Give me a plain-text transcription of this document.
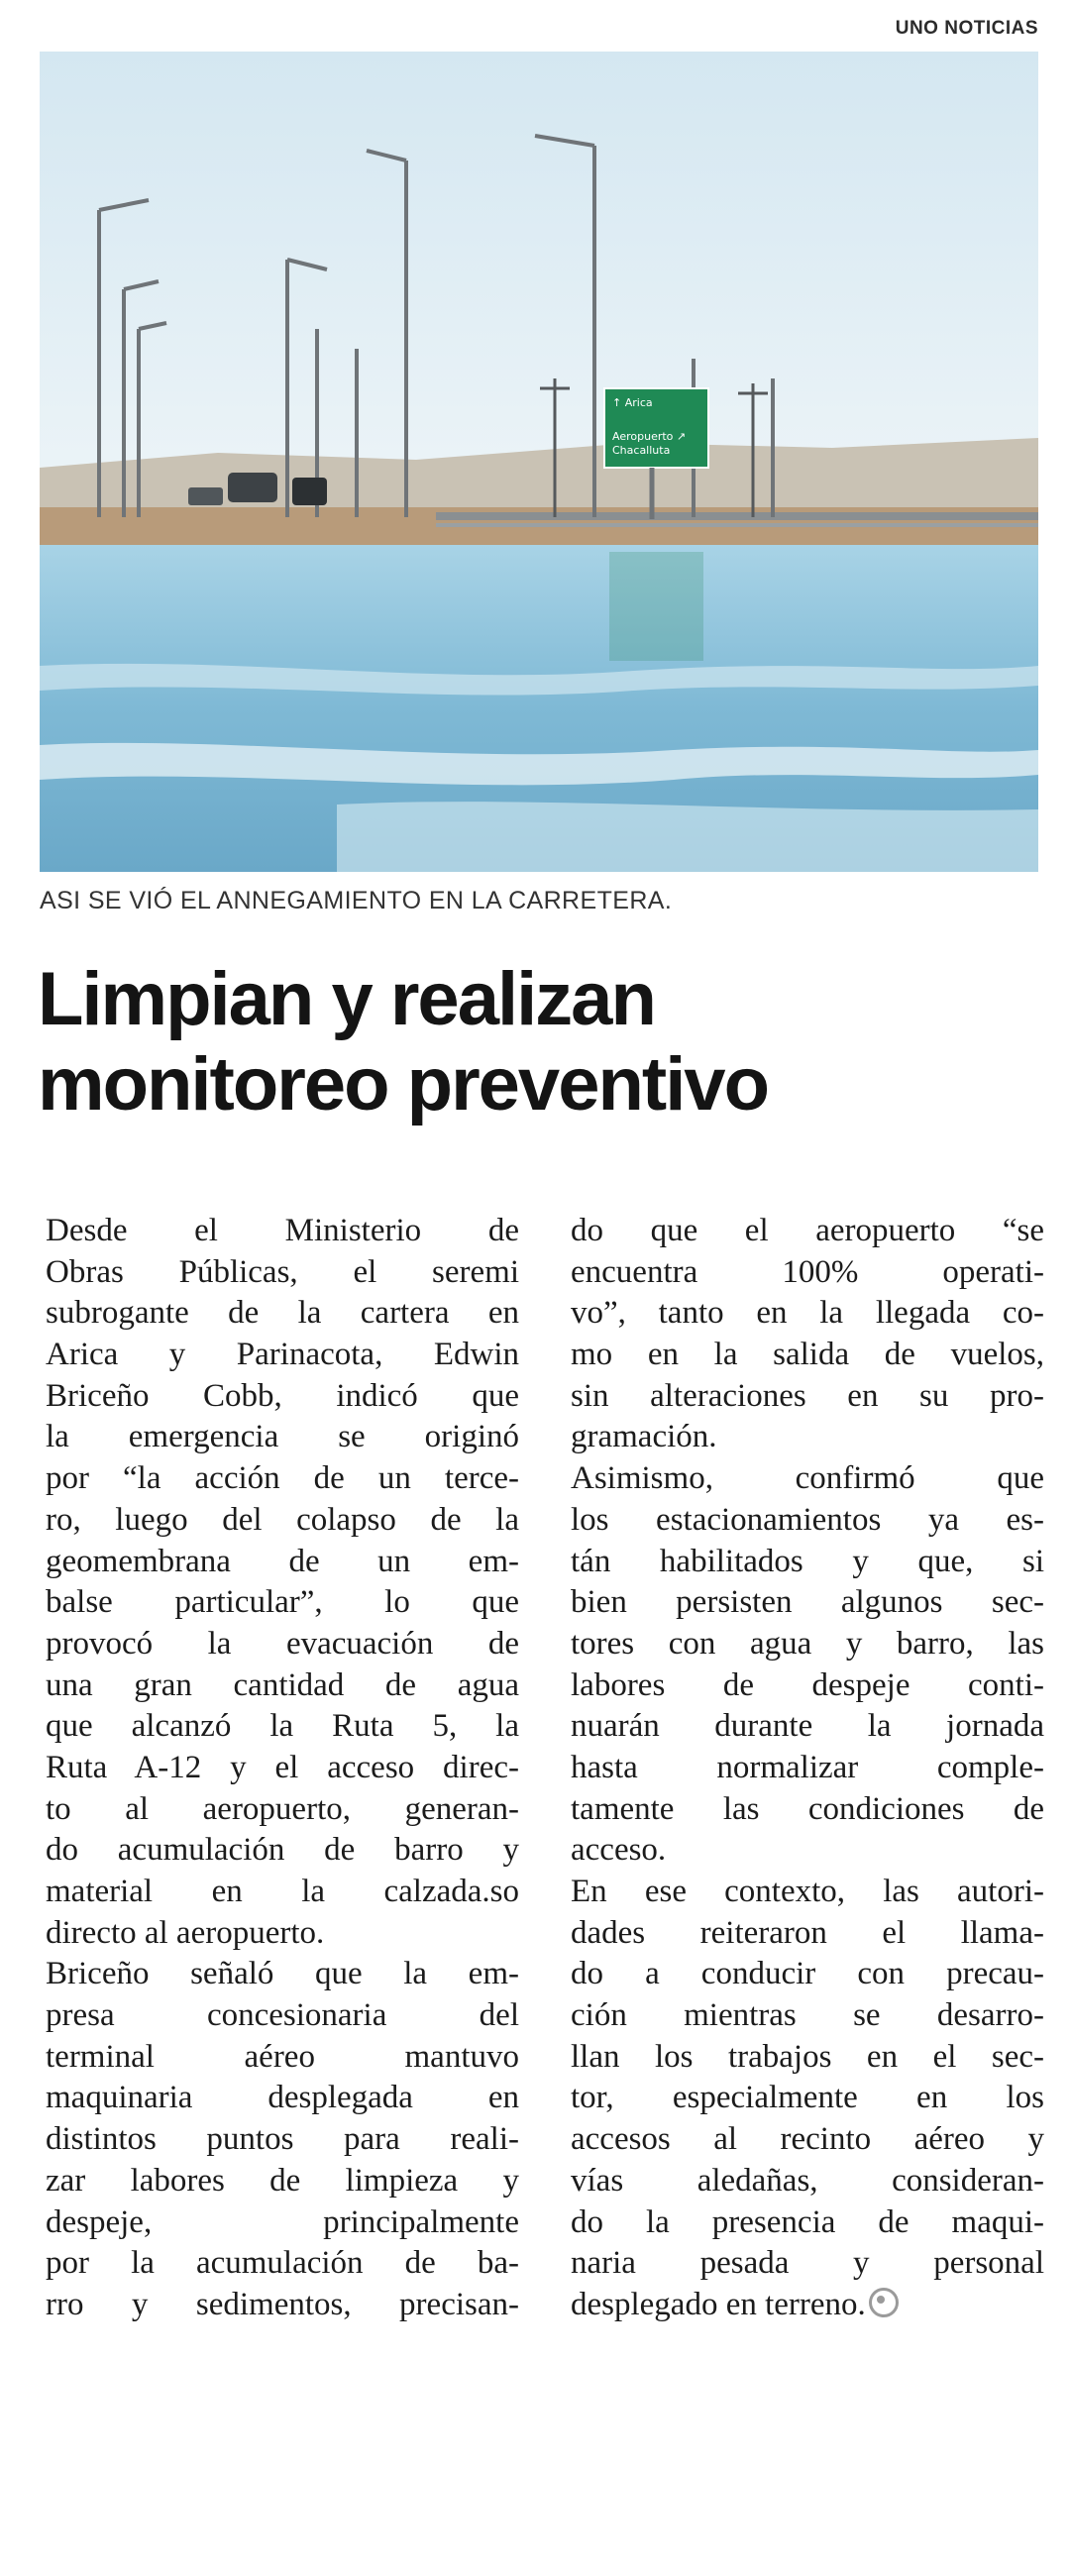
UNO NOTICIAS
↑ Arica
Aeropuerto ↗
Chacalluta
ASI SE VIÓ EL ANNEGAMIENTO EN LA CARRETERA.
Limpian y realizan
monitoreo preventivo
Desde el Ministerio de
Obras Públicas, el seremi
subrogante de la cartera en
Arica y Parinacota, Edwin
Briceño Cobb, indicó que
la emergencia se originó
por “la acción de un terce-
ro, luego del colapso de la
geomembrana de un em-
balse particular”, lo que
provocó la evacuación de
una gran cantidad de agua
que alcanzó la Ruta 5, la
Ruta A-12 y el acceso direc-
to al aeropuerto, generan-
do acumulación de barro y
material en la calzada.so
directo al aeropuerto.
Briceño señaló que la em-
presa concesionaria del
terminal aéreo mantuvo
maquinaria desplegada en
distintos puntos para reali-
zar labores de limpieza y
despeje, principalmente
por la acumulación de ba-
rro y sedimentos, precisan-
do que el aeropuerto “se
encuentra 100% operati-
vo”, tanto en la llegada co-
mo en la salida de vuelos,
sin alteraciones en su pro-
gramación.
Asimismo, confirmó que
los estacionamientos ya es-
tán habilitados y que, si
bien persisten algunos sec-
tores con agua y barro, las
labores de despeje conti-
nuarán durante la jornada
hasta normalizar comple-
tamente las condiciones de
acceso.
En ese contexto, las autori-
dades reiteraron el llama-
do a conducir con precau-
ción mientras se desarro-
llan los trabajos en el sec-
tor, especialmente en los
accesos al recinto aéreo y
vías aledañas, consideran-
do la presencia de maqui-
naria pesada y personal
desplegado en terreno.
